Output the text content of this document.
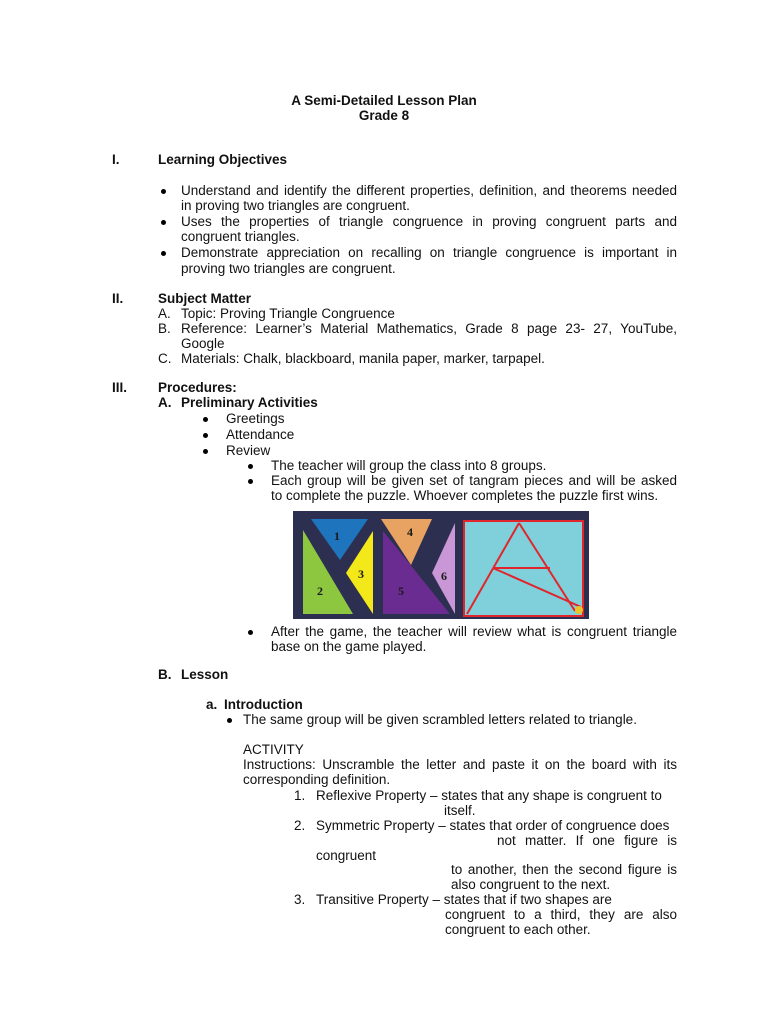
A Semi-Detailed Lesson Plan
Grade 8
I.	Learning Objectives
Understand and identify the different properties, definition, and theorems needed
in proving two triangles are congruent.
Uses the properties of triangle congruence in proving congruent parts and
congruent triangles.
Demonstrate appreciation on recalling on triangle congruence is important in
proving two triangles are congruent.
II.	Subject Matter
A. Topic: Proving Triangle Congruence
B. Reference: Learner’s Material Mathematics, Grade 8 page 23- 27, YouTube,
Google
C. Materials: Chalk, blackboard, manila paper, marker, tarpapel.
III. Procedures:
A. Preliminary Activities
Greetings
Attendance
Review
The teacher will group the class into 8 groups.
Each group will be given set of tangram pieces and will be asked
to complete the puzzle. Whoever completes the puzzle first wins.
1
2
3
4
5
6
After the game, the teacher will review what is congruent triangle
base on the game played.
B. Lesson
a. Introduction
The same group will be given scrambled letters related to triangle.
ACTIVITY
Instructions: Unscramble the letter and paste it on the board with its
corresponding definition.
1. Reflexive Property – states that any shape is congruent to
itself.
2. Symmetric Property – states that order of congruence does
not matter. If one figure is
congruent
to another, then the second figure is
also congruent to the next.
3. Transitive Property – states that if two shapes are
congruent to a third, they are also
congruent to each other.
